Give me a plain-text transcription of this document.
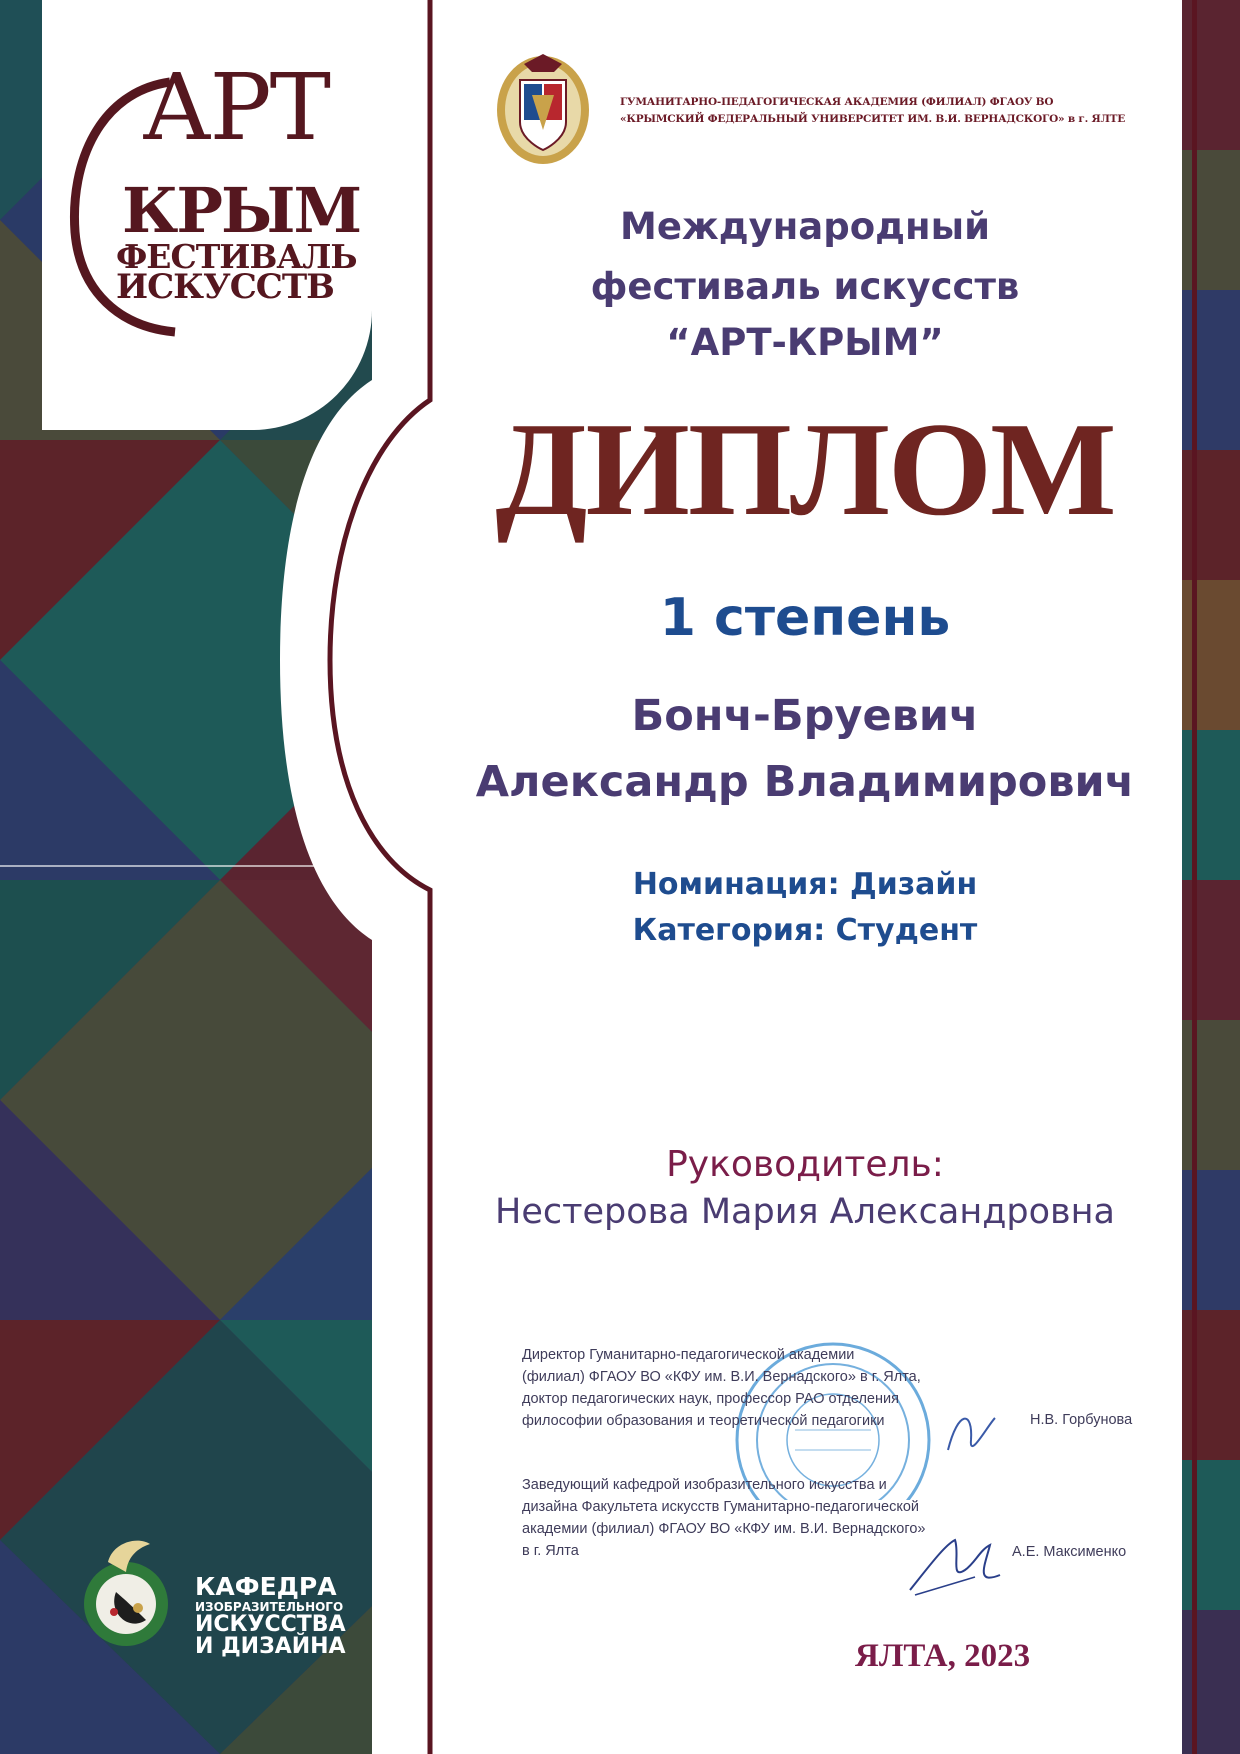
АРТ
КРЫМ
ФЕСТИВАЛЬ
ИСКУССТВ
ГУМАНИТАРНО-ПЕДАГОГИЧЕСКАЯ АКАДЕМИЯ (ФИЛИАЛ) ФГАОУ ВО
«КРЫМСКИЙ ФЕДЕРАЛЬНЫЙ УНИВЕРСИТЕТ ИМ. В.И. ВЕРНАДСКОГО» в г. ЯЛТЕ
Международный
фестиваль искусств
“АРТ-КРЫМ”
ДИПЛОМ
1 степень
Бонч-Бруевич
Александр Владимирович
Номинация: Дизайн
Категория: Студент
Руководитель:
Нестерова Мария Александровна
Директор Гуманитарно-педагогической академии
(филиал) ФГАОУ ВО «КФУ им. В.И. Вернадского» в г. Ялта,
доктор педагогических наук, профессор РАО отделения
философии образования и теоретической педагогики	Н.В. Горбунова
Заведующий кафедрой изобразительного искусства и
дизайна Факультета искусств Гуманитарно-педагогической
академии (филиал) ФГАОУ ВО «КФУ им. В.И. Вернадского»
в г. Ялта	А.Е. Максименко
ЯЛТА, 2023
КАФЕДРА
ИЗОБРАЗИТЕЛЬНОГО
ИСКУССТВА
И ДИЗАЙНА
